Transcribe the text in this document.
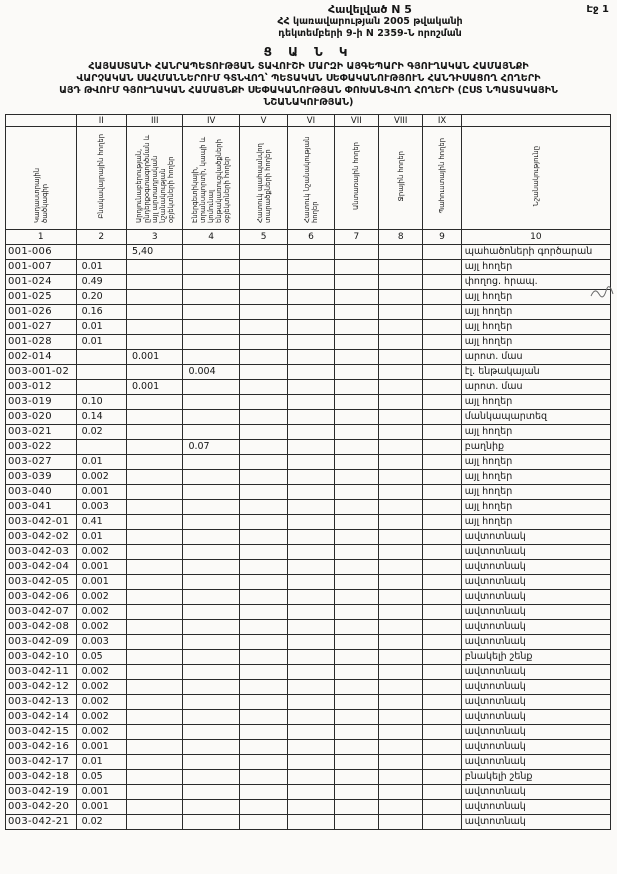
Էջ 1
Հավելված N 5
ՀՀ կառավարության 2005 թվականի
դեկտեմբերի 9-ի N 2359-Ն որոշման
Ց Ա Ն Կ
ՀԱՅԱՍՏԱՆԻ ՀԱՆՐԱՊԵՏՈՒԹՅԱՆ ՏԱՎՈՒՇԻ ՄԱՐԶԻ ԱՅԳԵՊԱՐԻ ԳՅՈՒՂԱԿԱՆ ՀԱՄԱՅՆՔԻ
ՎԱՐՉԱԿԱՆ ՍԱՀՄԱՆՆԵՐՈՒՄ ԳՏՆՎՈՂ՝ ՊԵՏԱԿԱՆ ՍԵՓԱԿԱՆՈՒԹՅՈՒՆ ՀԱՆԴԻՍԱՑՈՂ ՀՈՂԵՐԻ
ԱՅԴ ԹՎՈՒՄ ԳՅՈՒՂԱԿԱՆ ՀԱՄԱՅՆՔԻ ՍԵՓԱԿԱՆՈՒԹՅԱՆ ՓՈԽԱՆՑՎՈՂ ՀՈՂԵՐԻ (ԸՍՏ ՆՊԱՏԱԿԱՅԻՆ
ՆՇԱՆԱԿՈՒԹՅԱՆ)
	II	III	IV	V	VI	VII	VIII	IX	
Կադաստրային ծածկագիր	Բնակավայրային հողեր	Արդյունաբերության, ընդերքօգտագործման և այլ արտադրական նշանակության օբյեկտների հողեր	Էներգետիկայի, տրանսպորտի, կապի և կոմունալ ենթակառուցվածքների օբյեկտների հողեր	Հատուկ պահպանվող տարածքների հողեր	Հատուկ նշանակության հողեր	Անտառային հողեր	Ջրային հողեր	Պահուստային հողեր	Նշանակությունը
1	2	3	4	5	6	7	8	9	10
001-006		5,40							պահածոների գործարան
001-007	0.01								այլ հողեր
001-024	0.49								փողոց. հրապ.
001-025	0.20								այլ հողեր
001-026	0.16								այլ հողեր
001-027	0.01								այլ հողեր
001-028	0.01								այլ հողեր
002-014		0.001							արոտ. մաս
003-001-02			0.004						էլ. ենթակայան
003-012		0.001							արոտ. մաս
003-019	0.10								այլ հողեր
003-020	0.14								մանկապարտեզ
003-021	0.02								այլ հողեր
003-022			0.07						բաղնիք
003-027	0.01								այլ հողեր
003-039	0.002								այլ հողեր
003-040	0.001								այլ հողեր
003-041	0.003								այլ հողեր
003-042-01	0.41								այլ հողեր
003-042-02	0.01								ավտոտնակ
003-042-03	0.002								ավտոտնակ
003-042-04	0.001								ավտոտնակ
003-042-05	0.001								ավտոտնակ
003-042-06	0.002								ավտոտնակ
003-042-07	0.002								ավտոտնակ
003-042-08	0.002								ավտոտնակ
003-042-09	0.003								ավտոտնակ
003-042-10	0.05								բնակելի շենք
003-042-11	0.002								ավտոտնակ
003-042-12	0.002								ավտոտնակ
003-042-13	0.002								ավտոտնակ
003-042-14	0.002								ավտոտնակ
003-042-15	0.002								ավտոտնակ
003-042-16	0.001								ավտոտնակ
003-042-17	0.01								ավտոտնակ
003-042-18	0.05								բնակելի շենք
003-042-19	0.001								ավտոտնակ
003-042-20	0.001								ավտոտնակ
003-042-21	0.02								ավտոտնակ
